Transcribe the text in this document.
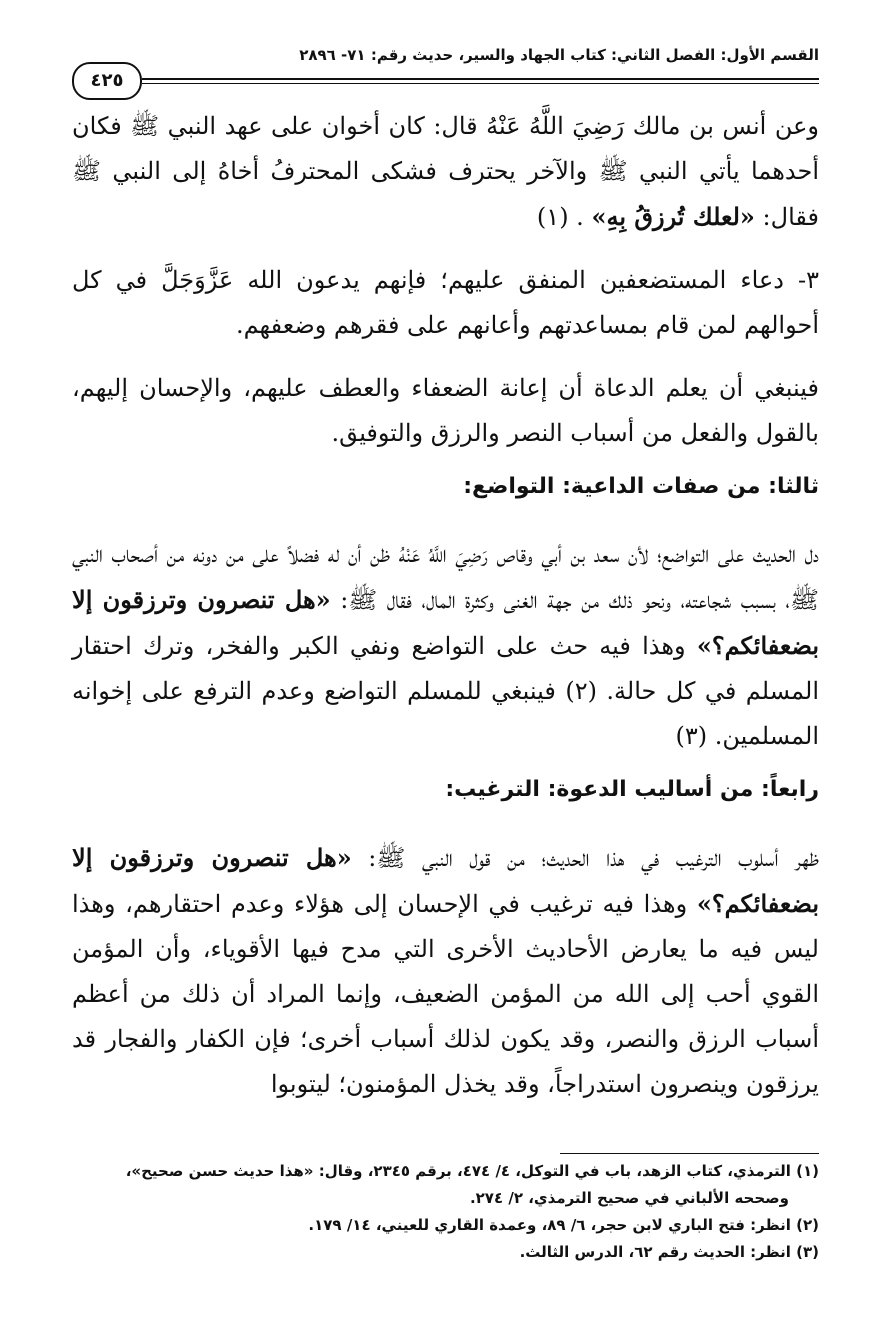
القسم الأول: الفصل الثاني: كتاب الجهاد والسير، حديث رقم: ٧١- ٢٨٩٦
٤٢٥

وعن أنس بن مالك رَضِيَ اللَّهُ عَنْهُ قال: كان أخوان على عهد النبي ﷺ فكان أحدهما يأتي النبي ﷺ والآخر يحترف فشكى المحترفُ أخاهُ إلى النبي ﷺ فقال: «لعلك تُرزقُ بِهِ» . (١)

٣- دعاء المستضعفين المنفق عليهم؛ فإنهم يدعون الله عَزَّوَجَلَّ في كل أحوالهم لمن قام بمساعدتهم وأعانهم على فقرهم وضعفهم.

فينبغي أن يعلم الدعاة أن إعانة الضعفاء والعطف عليهم، والإحسان إليهم، بالقول والفعل من أسباب النصر والرزق والتوفيق.

ثالثا: من صفات الداعية: التواضع:

دل الحديث على التواضع؛ لأن سعد بن أبي وقاص رَضِيَ اللَّهُ عَنْهُ ظن أن له فضلاً على من دونه من أصحاب النبي ﷺ، بسبب شجاعته، ونحو ذلك من جهة الغنى وكثرة المال، فقال ﷺ: «هل تنصرون وترزقون إلا بضعفائكم؟» وهذا فيه حث على التواضع ونفي الكبر والفخر، وترك احتقار المسلم في كل حالة. (٢) فينبغي للمسلم التواضع وعدم الترفع على إخوانه المسلمين. (٣)

رابعاً: من أساليب الدعوة: الترغيب:

ظهر أسلوب الترغيب في هذا الحديث؛ من قول النبي ﷺ: «هل تنصرون وترزقون إلا بضعفائكم؟» وهذا فيه ترغيب في الإحسان إلى هؤلاء وعدم احتقارهم، وهذا ليس فيه ما يعارض الأحاديث الأخرى التي مدح فيها الأقوياء، وأن المؤمن القوي أحب إلى الله من المؤمن الضعيف، وإنما المراد أن ذلك من أعظم أسباب الرزق والنصر، وقد يكون لذلك أسباب أخرى؛ فإن الكفار والفجار قد يرزقون وينصرون استدراجاً، وقد يخذل المؤمنون؛ ليتوبوا

(١) الترمذي، كتاب الزهد، باب في التوكل، ٤/ ٤٧٤، برقم ٢٣٤٥، وقال: «هذا حديث حسن صحيح»،

وصححه الألباني في صحيح الترمذي، ٢/ ٢٧٤.

(٢) انظر: فتح الباري لابن حجر، ٦/ ٨٩، وعمدة القاري للعيني، ١٤/ ١٧٩.

(٣) انظر: الحديث رقم ٦٢، الدرس الثالث.
